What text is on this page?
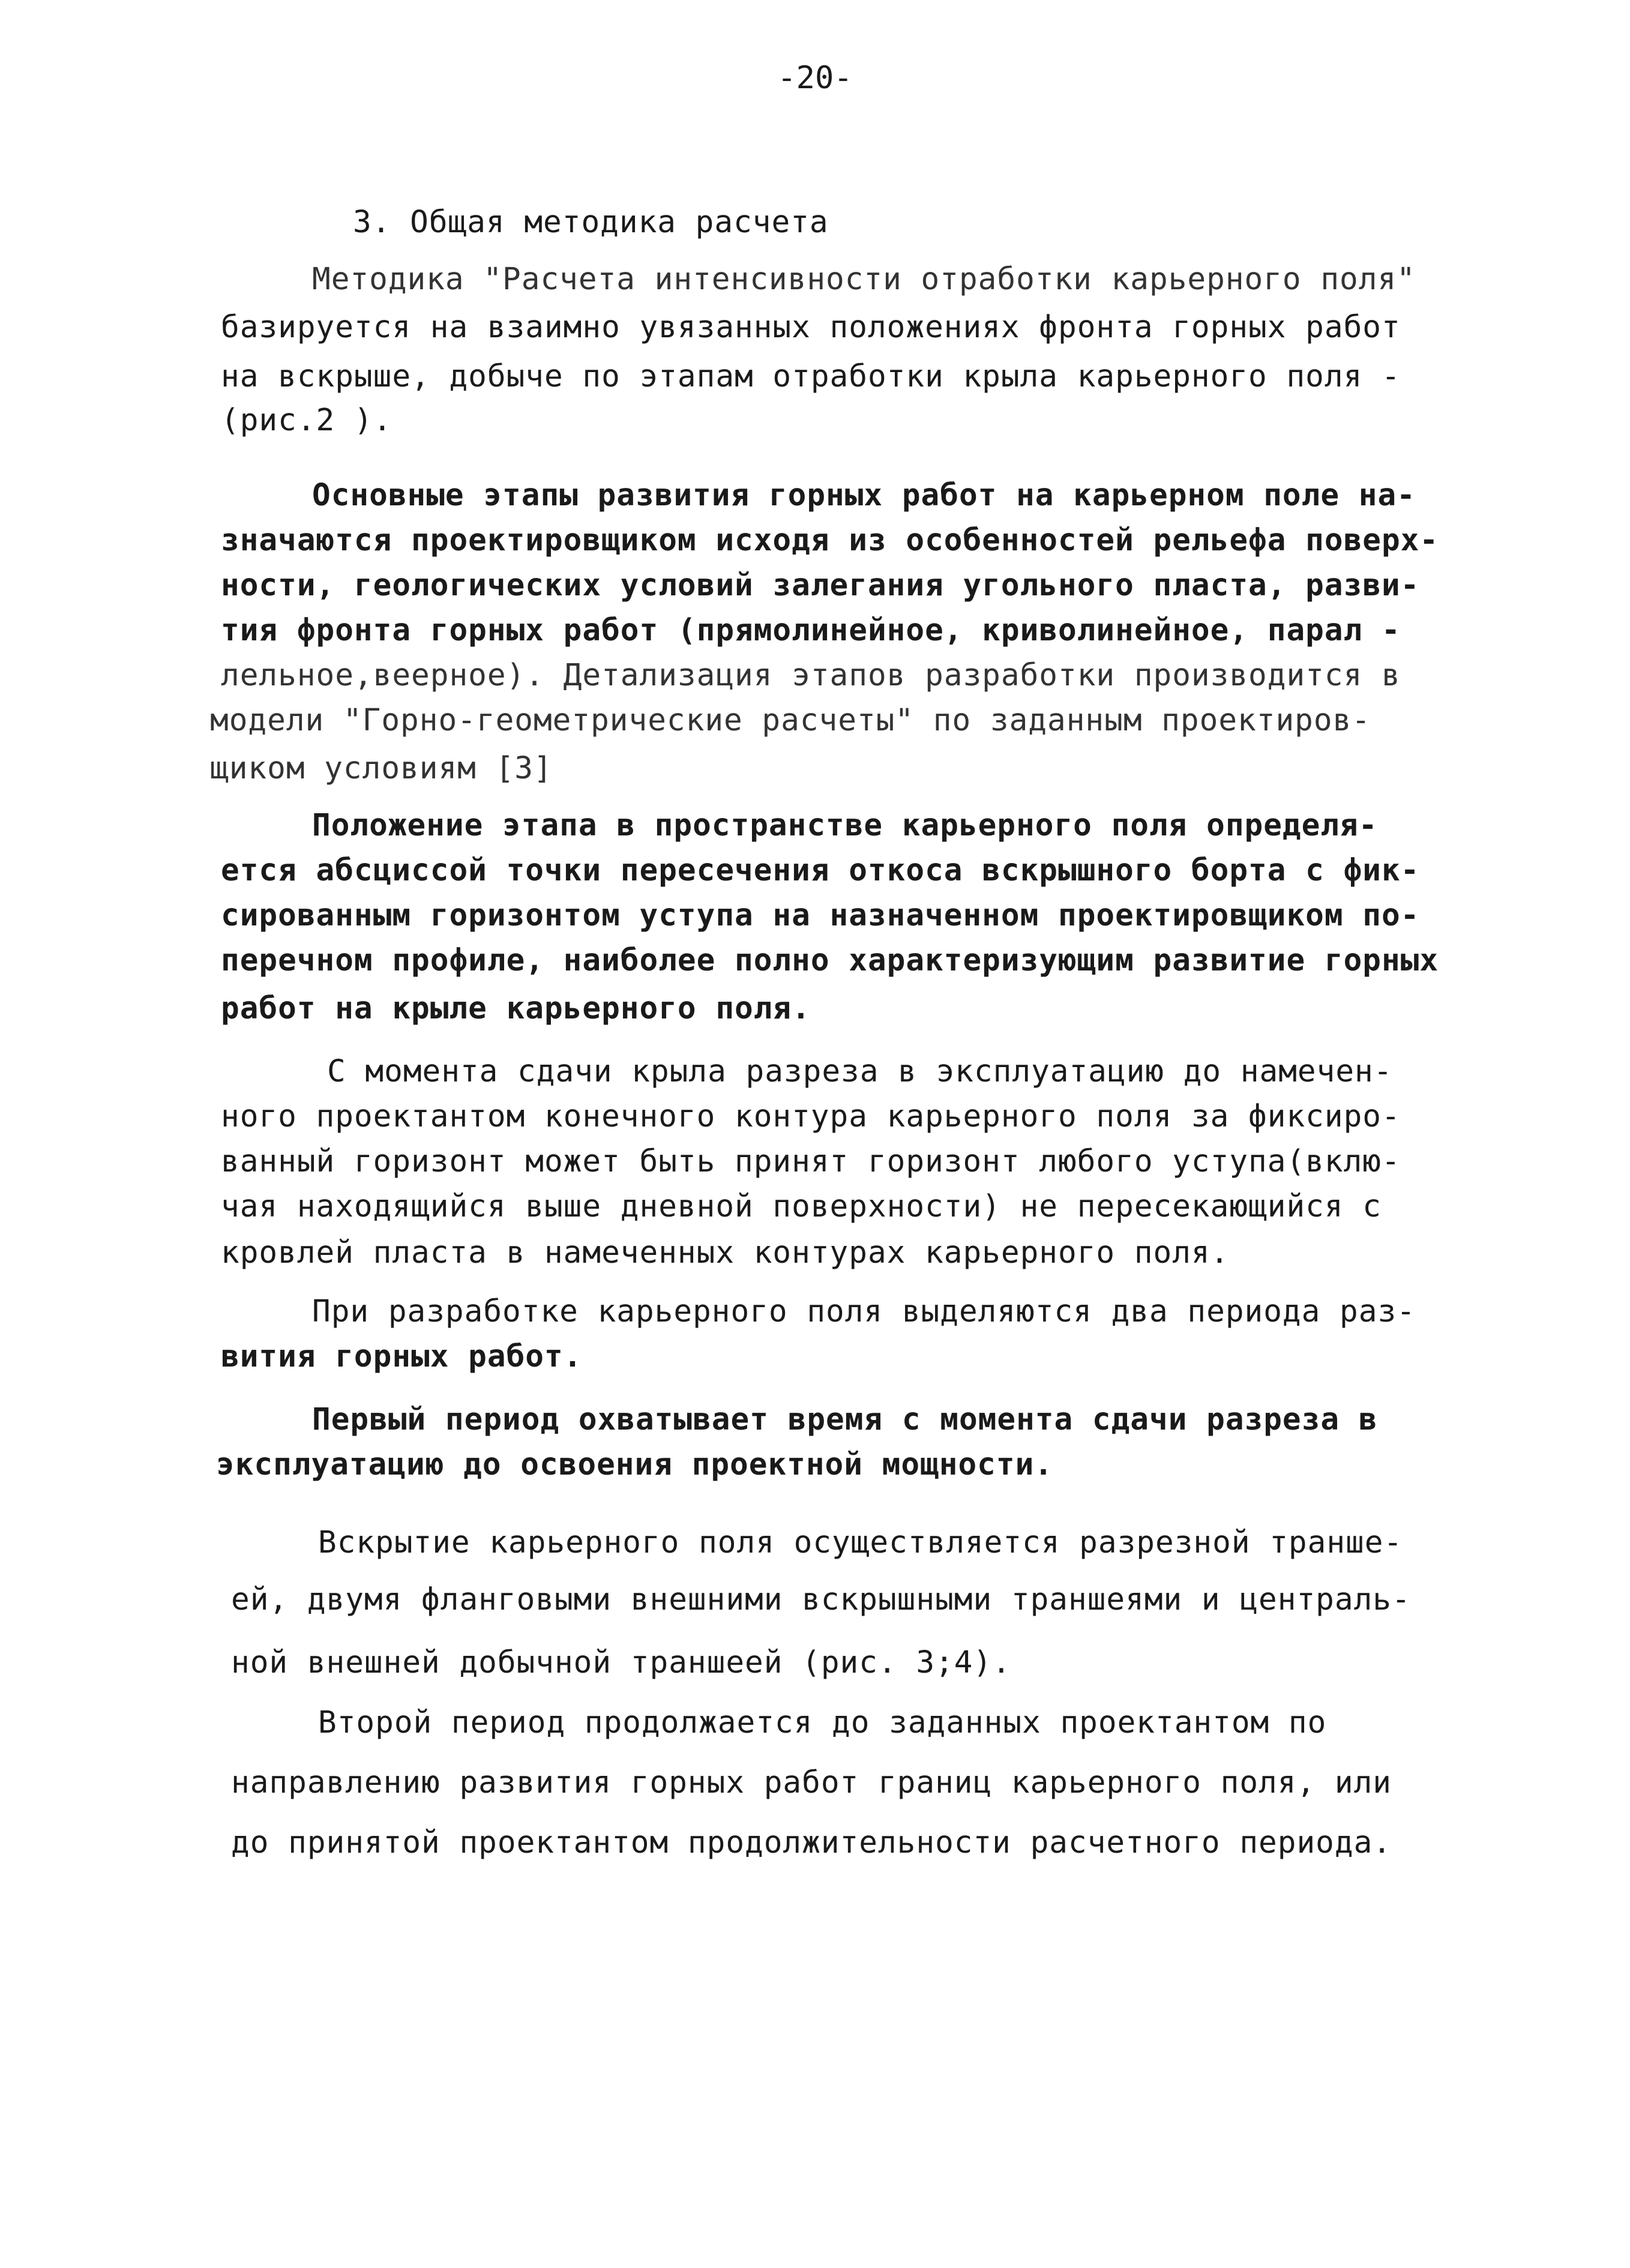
-20-
3. Общая методика расчета
Методика "Расчета интенсивности отработки карьерного поля"
базируется на взаимно увязанных положениях фронта горных работ
на вскрыше, добыче по этапам отработки крыла карьерного поля -
(рис.2 ).
Основные этапы развития горных работ на карьерном поле на-
значаются проектировщиком исходя из особенностей рельефа поверх-
ности, геологических условий залегания угольного пласта, разви-
тия фронта горных работ (прямолинейное, криволинейное, парал -
лельное,веерное). Детализация этапов разработки производится в
модели "Горно-геометрические расчеты" по заданным проектиров-
щиком условиям [3]
Положение этапа в пространстве карьерного поля определя-
ется абсциссой точки пересечения откоса вскрышного борта с фик-
сированным горизонтом уступа на назначенном проектировщиком по-
перечном профиле, наиболее полно характеризующим развитие горных
работ на крыле карьерного поля.
С момента сдачи крыла разреза в эксплуатацию до намечен-
ного проектантом конечного контура карьерного поля за фиксиро-
ванный горизонт может быть принят горизонт любого уступа(вклю-
чая находящийся выше дневной поверхности) не пересекающийся с
кровлей пласта в намеченных контурах карьерного поля.
При разработке карьерного поля выделяются два периода раз-
вития горных работ.
Первый период охватывает время с момента сдачи разреза в
эксплуатацию до освоения проектной мощности.
Вскрытие карьерного поля осуществляется разрезной транше-
ей, двумя фланговыми внешними вскрышными траншеями и централь-
ной внешней добычной траншеей (рис. 3;4).
Второй период продолжается до заданных проектантом по
направлению развития горных работ границ карьерного поля, или
до принятой проектантом продолжительности расчетного периода.
